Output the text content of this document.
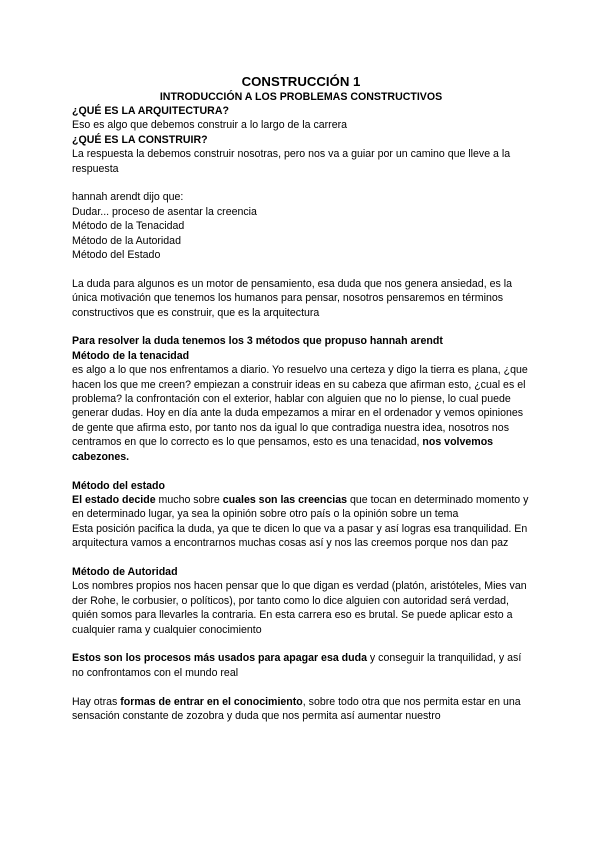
CONSTRUCCIÓN 1

INTRODUCCIÓN A LOS PROBLEMAS CONSTRUCTIVOS

¿QUÉ ES LA ARQUITECTURA?

Eso es algo que debemos construir a lo largo de la carrera

¿QUÉ ES LA CONSTRUIR?

La respuesta la debemos construir nosotras, pero nos va a guiar por un camino que lleve a la respuesta

hannah arendt dijo que:

Dudar... proceso de asentar la creencia

Método de la Tenacidad

Método de la Autoridad

Método del Estado

La duda para algunos es un motor de pensamiento, esa duda que nos genera ansiedad, es la única motivación que tenemos los humanos para pensar, nosotros pensaremos en términos constructivos que es construir, que es la arquitectura

Para resolver la duda tenemos los 3 métodos que propuso hannah arendt

Método de la tenacidad

es algo a lo que nos enfrentamos a diario. Yo resuelvo una certeza y digo la tierra es plana, ¿que hacen los que me creen? empiezan a construir ideas en su cabeza que afirman esto, ¿cual es el problema? la confrontación con el exterior, hablar con alguien que no lo piense, lo cual puede generar dudas. Hoy en día ante la duda empezamos a mirar en el ordenador y vemos opiniones de gente que afirma esto, por tanto nos da igual lo que contradiga nuestra idea, nosotros nos centramos en que lo correcto es lo que pensamos, esto es una tenacidad, nos volvemos cabezones.

Método del estado

El estado decide mucho sobre cuales son las creencias que tocan en determinado momento y en determinado lugar, ya sea la opinión sobre otro país o la opinión sobre un tema

Esta posición pacifica la duda, ya que te dicen lo que va a pasar y así logras esa tranquilidad. En arquitectura vamos a encontrarnos muchas cosas así y nos las creemos porque nos dan paz

Método de Autoridad

Los nombres propios nos hacen pensar que lo que digan es verdad (platón, aristóteles, Mies van der Rohe, le corbusier, o políticos), por tanto como lo dice alguien con autoridad será verdad, quién somos para llevarles la contraria. En esta carrera eso es brutal. Se puede aplicar esto a cualquier rama y cualquier conocimiento

Estos son los procesos más usados para apagar esa duda y conseguir la tranquilidad, y así no confrontamos con el mundo real

Hay otras formas de entrar en el conocimiento, sobre todo otra que nos permita estar en una sensación constante de zozobra y duda que nos permita así aumentar nuestro
